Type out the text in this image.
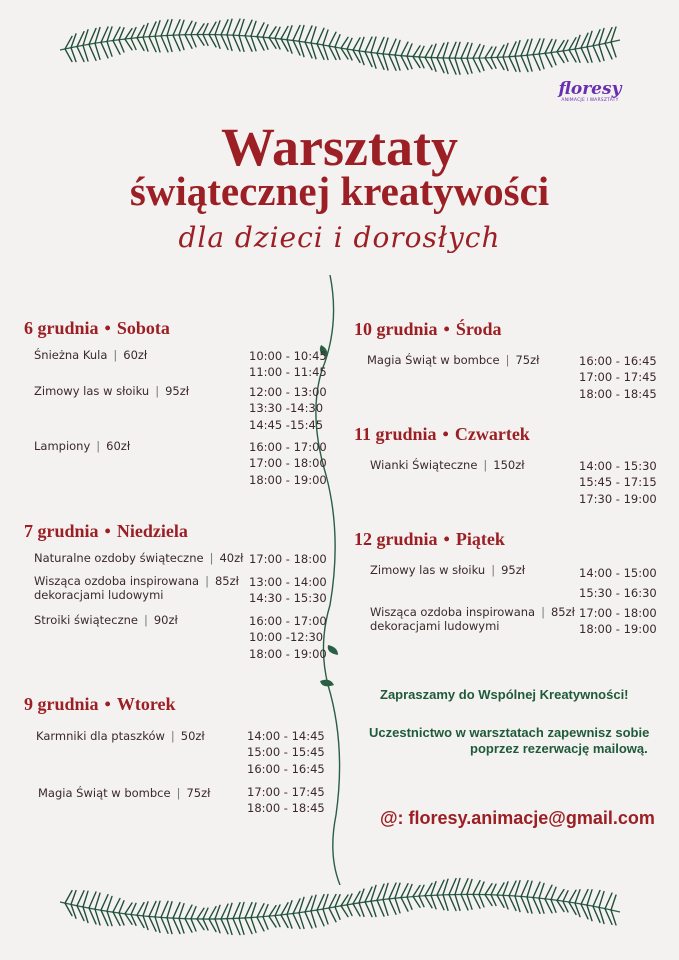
floresy
ANIMACJE I WARSZTATY
Warsztaty
świątecznej kreatywości
dla dzieci i dorosłych
6 grudnia • Sobota
Śnieżna Kula | 60zł	10:00 - 10:45
11:00 - 11:45
Zimowy las w słoiku | 95zł	12:00 - 13:00
13:30 -14:30
14:45 -15:45
Lampiony | 60zł	16:00 - 17:00
17:00 - 18:00
18:00 - 19:00
7 grudnia • Niedziela
Naturalne ozdoby świąteczne | 40zł 17:00 - 18:00
Wisząca ozdoba inspirowana | 85zł
dekoracjami ludowymi
13:00 - 14:00
14:30 - 15:30
Stroiki świąteczne | 90zł	16:00 - 17:00
10:00 -12:30
18:00 - 19:00
9 grudnia • Wtorek
Karmniki dla ptaszków | 50zł	14:00 - 14:45
15:00 - 15:45
16:00 - 16:45
Magia Świąt w bombce | 75zł	17:00 - 17:45
18:00 - 18:45
10 grudnia • Środa
Magia Świąt w bombce | 75zł	16:00 - 16:45
17:00 - 17:45
18:00 - 18:45
11 grudnia • Czwartek
Wianki Świąteczne | 150zł	14:00 - 15:30
15:45 - 17:15
17:30 - 19:00
12 grudnia • Piątek
Zimowy las w słoiku | 95zł	14:00 - 15:00
15:30 - 16:30
Wisząca ozdoba inspirowana | 85zł
dekoracjami ludowymi
17:00 - 18:00
18:00 - 19:00
Zapraszamy do Wspólnej Kreatywności!
Uczestnictwo w warsztatach zapewnisz sobie
poprzez rezerwację mailową.
@: floresy.animacje@gmail.com
